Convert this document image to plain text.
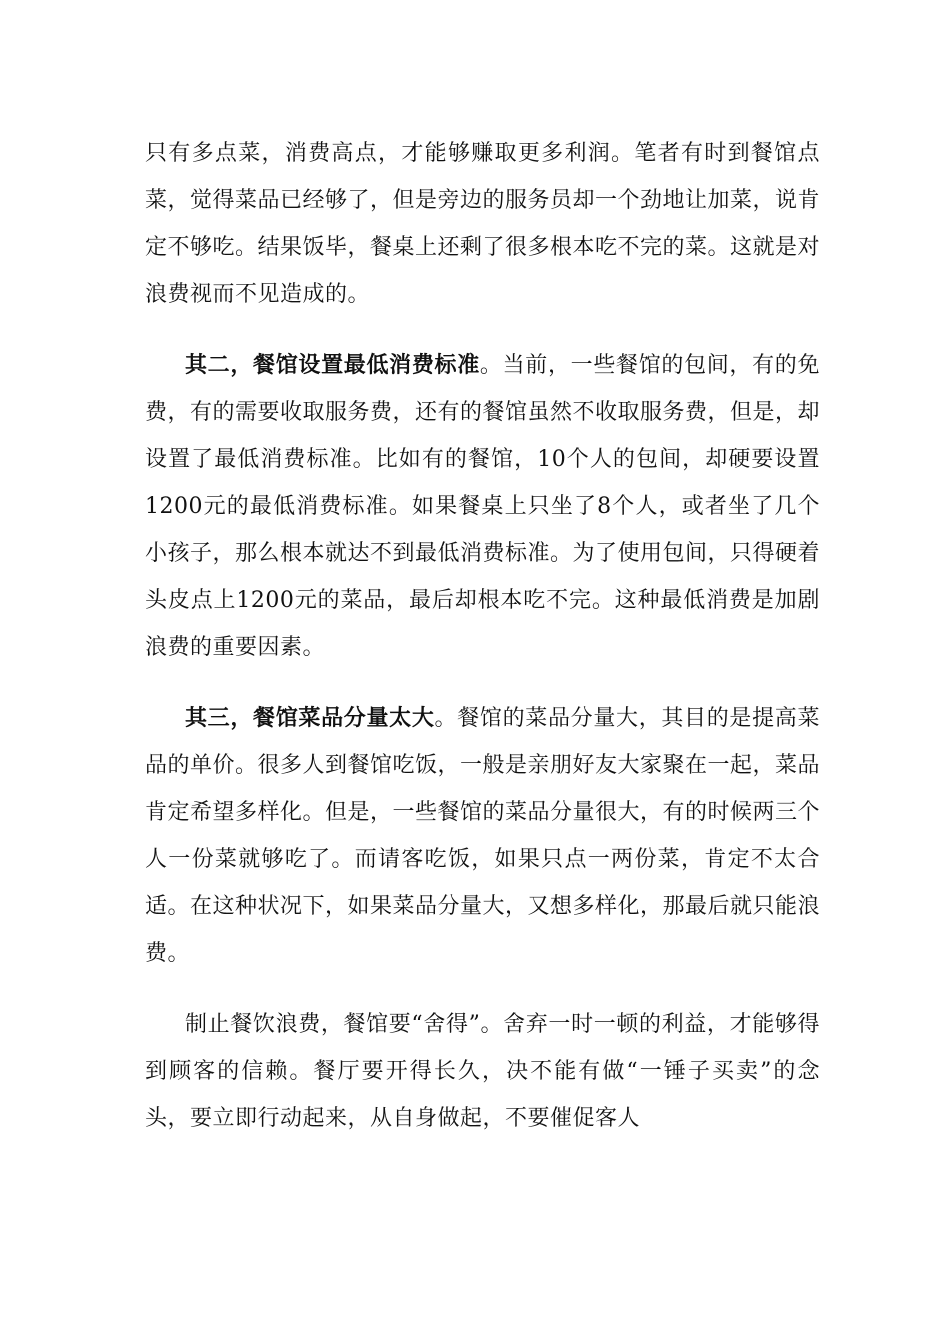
只有多点菜，消费高点，才能够赚取更多利润。笔者有时到餐馆点菜，觉得菜品已经够了，但是旁边的服务员却一个劲地让加菜，说肯定不够吃。结果饭毕，餐桌上还剩了很多根本吃不完的菜。这就是对浪费视而不见造成的。

其二，餐馆设置最低消费标准。当前，一些餐馆的包间，有的免费，有的需要收取服务费，还有的餐馆虽然不收取服务费，但是，却设置了最低消费标准。比如有的餐馆，10个人的包间，却硬要设置1200元的最低消费标准。如果餐桌上只坐了8个人，或者坐了几个小孩子，那么根本就达不到最低消费标准。为了使用包间，只得硬着头皮点上1200元的菜品，最后却根本吃不完。这种最低消费是加剧浪费的重要因素。

其三，餐馆菜品分量太大。餐馆的菜品分量大，其目的是提高菜品的单价。很多人到餐馆吃饭，一般是亲朋好友大家聚在一起，菜品肯定希望多样化。但是，一些餐馆的菜品分量很大，有的时候两三个人一份菜就够吃了。而请客吃饭，如果只点一两份菜，肯定不太合适。在这种状况下，如果菜品分量大，又想多样化，那最后就只能浪费。

制止餐饮浪费，餐馆要“舍得”。舍弃一时一顿的利益，才能够得到顾客的信赖。餐厅要开得长久，决不能有做“一锤子买卖”的念头，要立即行动起来，从自身做起，不要催促客人
